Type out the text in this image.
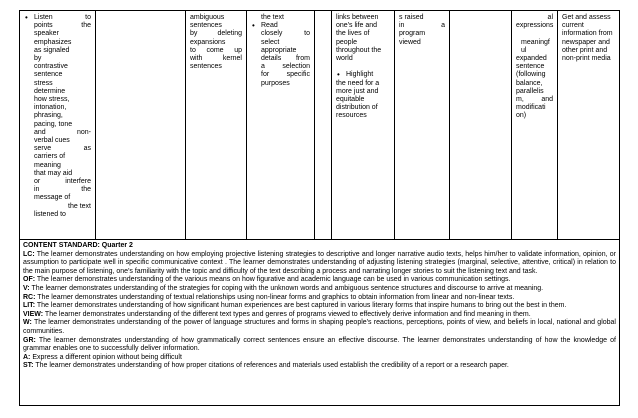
• Listen to
points the
speaker
emphasizes
as signaled
by
contrastive
sentence
stress
determine
how stress,
intonation,
phrasing,
pacing, tone
and non-
verbal cues
serve as
carriers of
meaning
that may aid
or interfere
in the
message of
the text
listened to
ambiguous
sentences
by deleting
expansions
to come up
with kernel
sentences
the text
• Read
closely to
select
appropriate
details from
a selection
for specific
purposes
links between
one's life and
the lives of
people
throughout the
world

• Highlight
the need for a
more just and
equitable
distribution of
resources
s raised
in a
program
viewed
al
expressions

meaningf
ul
expanded
sentence
(following
balance,
parallelis
m, and
modificati
on)
Get and assess
current
information from
newspaper and
other print and
non-print media
CONTENT STANDARD: Quarter 2

LC: The learner demonstrates understanding on how employing projective listening strategies to descriptive and longer narrative audio texts, helps him/her to validate information, opinion, or assumption to participate well in specific communicative context . The learner demonstrates understanding of adjusting listening strategies (marginal, selective, attentive, critical) in relation to the main purpose of listening, one's familiarity with the topic and difficulty of the text describing a process and narrating longer stories to suit the listening text and task.

OF: The learner demonstrates understanding of the various means on how figurative and academic language can be used in various communication settings.

V: The learner demonstrates understanding of the strategies for coping with the unknown words and ambiguous sentence structures and discourse to arrive at meaning.

RC: The learner demonstrates understanding of textual relationships using non-linear forms and graphics to obtain information from linear and non-linear texts.

LIT: The learner demonstrates understanding of how significant human experiences are best captured in various literary forms that inspire humans to bring out the best in them.

VIEW: The learner demonstrates understanding of the different text types and genres of programs viewed to effectively derive information and find meaning in them.

W: The learner demonstrates understanding of the power of language structures and forms in shaping people's reactions, perceptions, points of view, and beliefs in local, national and global communities.

GR: The learner demonstrates understanding of how grammatically correct sentences ensure an effective discourse. The learner demonstrates understanding of how the knowledge of grammar enables one to successfully deliver information.

A: Express a different opinion without being difficult

ST: The learner demonstrates understanding of how proper citations of references and materials used establish the credibility of a report or a research paper.
